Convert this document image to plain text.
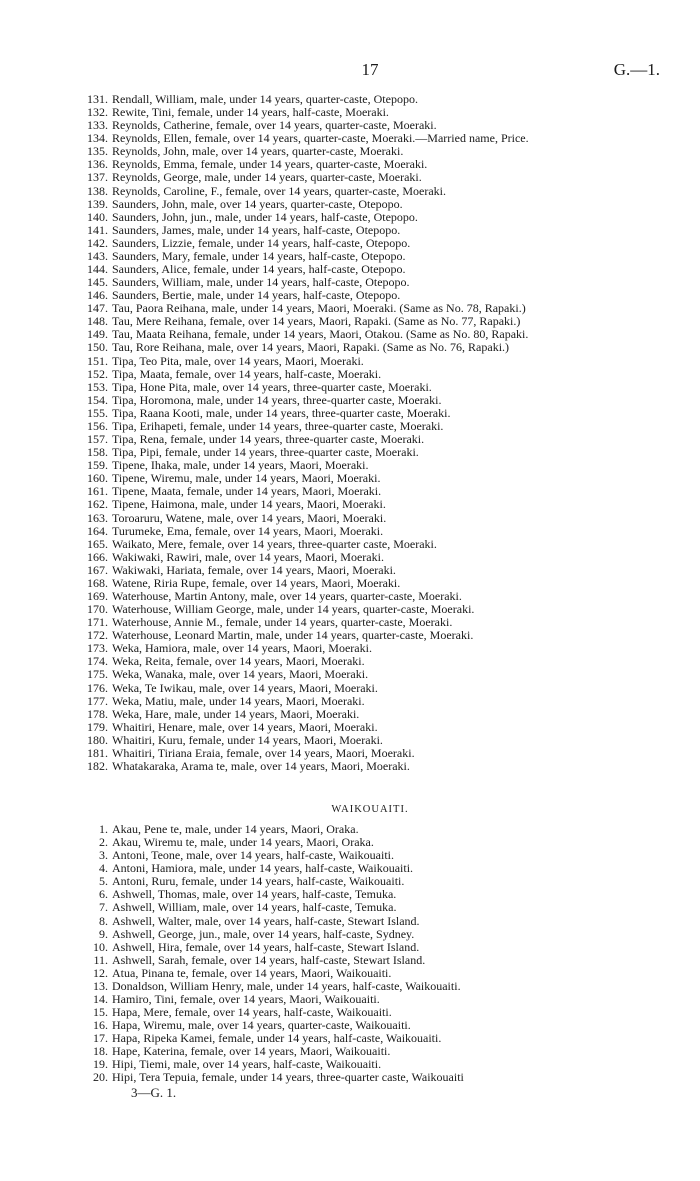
17	G.—1.
131. Rendall, William, male, under 14 years, quarter-caste, Otepopo.
132. Rewite, Tini, female, under 14 years, half-caste, Moeraki.
133. Reynolds, Catherine, female, over 14 years, quarter-caste, Moeraki.
134. Reynolds, Ellen, female, over 14 years, quarter-caste, Moeraki.—Married name, Price.
135. Reynolds, John, male, over 14 years, quarter-caste, Moeraki.
136. Reynolds, Emma, female, under 14 years, quarter-caste, Moeraki.
137. Reynolds, George, male, under 14 years, quarter-caste, Moeraki.
138. Reynolds, Caroline, F., female, over 14 years, quarter-caste, Moeraki.
139. Saunders, John, male, over 14 years, quarter-caste, Otepopo.
140. Saunders, John, jun., male, under 14 years, half-caste, Otepopo.
141. Saunders, James, male, under 14 years, half-caste, Otepopo.
142. Saunders, Lizzie, female, under 14 years, half-caste, Otepopo.
143. Saunders, Mary, female, under 14 years, half-caste, Otepopo.
144. Saunders, Alice, female, under 14 years, half-caste, Otepopo.
145. Saunders, William, male, under 14 years, half-caste, Otepopo.
146. Saunders, Bertie, male, under 14 years, half-caste, Otepopo.
147. Tau, Paora Reihana, male, under 14 years, Maori, Moeraki. (Same as No. 78, Rapaki.)
148. Tau, Mere Reihana, female, over 14 years, Maori, Rapaki. (Same as No. 77, Rapaki.)
149. Tau, Maata Reihana, female, under 14 years, Maori, Otakou. (Same as No. 80, Rapaki.
150. Tau, Rore Reihana, male, over 14 years, Maori, Rapaki. (Same as No. 76, Rapaki.)
151. Tipa, Teo Pita, male, over 14 years, Maori, Moeraki.
152. Tipa, Maata, female, over 14 years, half-caste, Moeraki.
153. Tipa, Hone Pita, male, over 14 years, three-quarter caste, Moeraki.
154. Tipa, Horomona, male, under 14 years, three-quarter caste, Moeraki.
155. Tipa, Raana Kooti, male, under 14 years, three-quarter caste, Moeraki.
156. Tipa, Erihapeti, female, under 14 years, three-quarter caste, Moeraki.
157. Tipa, Rena, female, under 14 years, three-quarter caste, Moeraki.
158. Tipa, Pipi, female, under 14 years, three-quarter caste, Moeraki.
159. Tipene, Ihaka, male, under 14 years, Maori, Moeraki.
160. Tipene, Wiremu, male, under 14 years, Maori, Moeraki.
161. Tipene, Maata, female, under 14 years, Maori, Moeraki.
162. Tipene, Haimona, male, under 14 years, Maori, Moeraki.
163. Toroaruru, Watene, male, over 14 years, Maori, Moeraki.
164. Turumeke, Ema, female, over 14 years, Maori, Moeraki.
165. Waikato, Mere, female, over 14 years, three-quarter caste, Moeraki.
166. Wakiwaki, Rawiri, male, over 14 years, Maori, Moeraki.
167. Wakiwaki, Hariata, female, over 14 years, Maori, Moeraki.
168. Watene, Riria Rupe, female, over 14 years, Maori, Moeraki.
169. Waterhouse, Martin Antony, male, over 14 years, quarter-caste, Moeraki.
170. Waterhouse, William George, male, under 14 years, quarter-caste, Moeraki.
171. Waterhouse, Annie M., female, under 14 years, quarter-caste, Moeraki.
172. Waterhouse, Leonard Martin, male, under 14 years, quarter-caste, Moeraki.
173. Weka, Hamiora, male, over 14 years, Maori, Moeraki.
174. Weka, Reita, female, over 14 years, Maori, Moeraki.
175. Weka, Wanaka, male, over 14 years, Maori, Moeraki.
176. Weka, Te Iwikau, male, over 14 years, Maori, Moeraki.
177. Weka, Matiu, male, under 14 years, Maori, Moeraki.
178. Weka, Hare, male, under 14 years, Maori, Moeraki.
179. Whaitiri, Henare, male, over 14 years, Maori, Moeraki.
180. Whaitiri, Kuru, female, under 14 years, Maori, Moeraki.
181. Whaitiri, Tiriana Eraia, female, over 14 years, Maori, Moeraki.
182. Whatakaraka, Arama te, male, over 14 years, Maori, Moeraki.
WAIKOUAITI.
1. Akau, Pene te, male, under 14 years, Maori, Oraka.
2. Akau, Wiremu te, male, under 14 years, Maori, Oraka.
3. Antoni, Teone, male, over 14 years, half-caste, Waikouaiti.
4. Antoni, Hamiora, male, under 14 years, half-caste, Waikouaiti.
5. Antoni, Ruru, female, under 14 years, half-caste, Waikouaiti.
6. Ashwell, Thomas, male, over 14 years, half-caste, Temuka.
7. Ashwell, William, male, over 14 years, half-caste, Temuka.
8. Ashwell, Walter, male, over 14 years, half-caste, Stewart Island.
9. Ashwell, George, jun., male, over 14 years, half-caste, Sydney.
10. Ashwell, Hira, female, over 14 years, half-caste, Stewart Island.
11. Ashwell, Sarah, female, over 14 years, half-caste, Stewart Island.
12. Atua, Pinana te, female, over 14 years, Maori, Waikouaiti.
13. Donaldson, William Henry, male, under 14 years, half-caste, Waikouaiti.
14. Hamiro, Tini, female, over 14 years, Maori, Waikouaiti.
15. Hapa, Mere, female, over 14 years, half-caste, Waikouaiti.
16. Hapa, Wiremu, male, over 14 years, quarter-caste, Waikouaiti.
17. Hapa, Ripeka Kamei, female, under 14 years, half-caste, Waikouaiti.
18. Hape, Katerina, female, over 14 years, Maori, Waikouaiti.
19. Hipi, Tiemi, male, over 14 years, half-caste, Waikouaiti.
20. Hipi, Tera Tepuia, female, under 14 years, three-quarter caste, Waikouaiti
3—G. 1.
